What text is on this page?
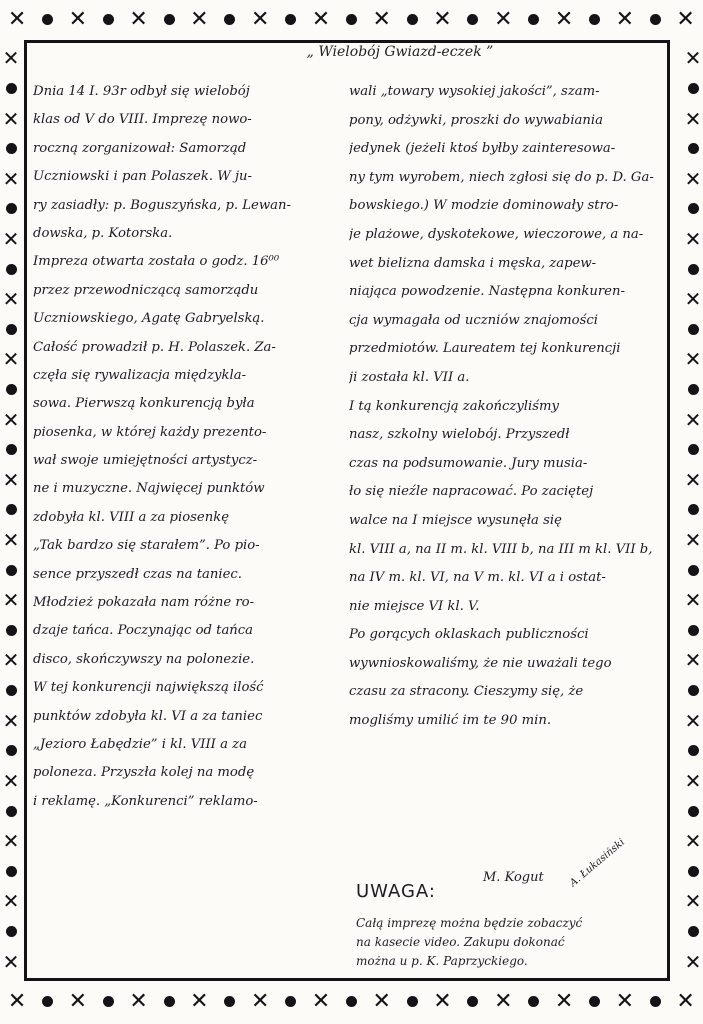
✕ ✕ ✕ ✕ ✕ ✕ ✕ ✕ ✕ ✕ ✕ ✕
✕ ✕ ✕ ✕ ✕ ✕ ✕ ✕ ✕ ✕ ✕ ✕
✕
✕
✕
✕
✕
✕
✕
✕
✕
✕
✕
✕
✕
✕
✕
✕
✕
✕
✕
✕
✕
✕
✕
✕
✕
✕
✕
✕
✕
✕
✕
✕
„ Wielobój Gwiazd-eczek ”
Dnia 14 I. 93r odbył się wielobój
klas od V do VIII. Imprezę nowo-
roczną zorganizował: Samorząd
Uczniowski i pan Polaszek. W ju-
ry zasiadły: p. Boguszyńska, p. Lewan-
dowska, p. Kotorska.
Impreza otwarta została o godz. 16⁰⁰
przez przewodniczącą samorządu
Uczniowskiego, Agatę Gabryelską.
Całość prowadził p. H. Polaszek. Za-
częła się rywalizacja międzykla-
sowa. Pierwszą konkurencją była
piosenka, w której każdy prezento-
wał swoje umiejętności artystycz-
ne i muzyczne. Najwięcej punktów
zdobyła kl. VIII a za piosenkę
„Tak bardzo się starałem”. Po pio-
sence przyszedł czas na taniec.
Młodzież pokazała nam różne ro-
dzaje tańca. Poczynając od tańca
disco, skończywszy na polonezie.
W tej konkurencji największą ilość
punktów zdobyła kl. VI a za taniec
„Jezioro Łabędzie” i kl. VIII a za
poloneza. Przyszła kolej na modę
i reklamę. „Konkurenci” reklamo-
wali „towary wysokiej jakości”, szam-
pony, odżywki, proszki do wywabiania
jedynek (jeżeli ktoś byłby zainteresowa-
ny tym wyrobem, niech zgłosi się do p. D. Ga-
bowskiego.) W modzie dominowały stro-
je plażowe, dyskotekowe, wieczorowe, a na-
wet bielizna damska i męska, zapew-
niająca powodzenie. Następna konkuren-
cja wymagała od uczniów znajomości
przedmiotów. Laureatem tej konkurencji
ji została kl. VII a.
I tą konkurencją zakończyliśmy
nasz, szkolny wielobój. Przyszedł
czas na podsumowanie. Jury musia-
ło się nieźle napracować. Po zaciętej
walce na I miejsce wysunęła się
kl. VIII a, na II m. kl. VIII b, na III m kl. VII b,
na IV m. kl. VI, na V m. kl. VI a i ostat-
nie miejsce VI kl. V.
Po gorących oklaskach publiczności
wywnioskowaliśmy, że nie uważali tego
czasu za stracony. Cieszymy się, że
mogliśmy umilić im te 90 min.
M. Kogut A. Łukasiński
UWAGA:
Całą imprezę można będzie zobaczyć
na kasecie video. Zakupu dokonać
można u p. K. Paprzyckiego.
